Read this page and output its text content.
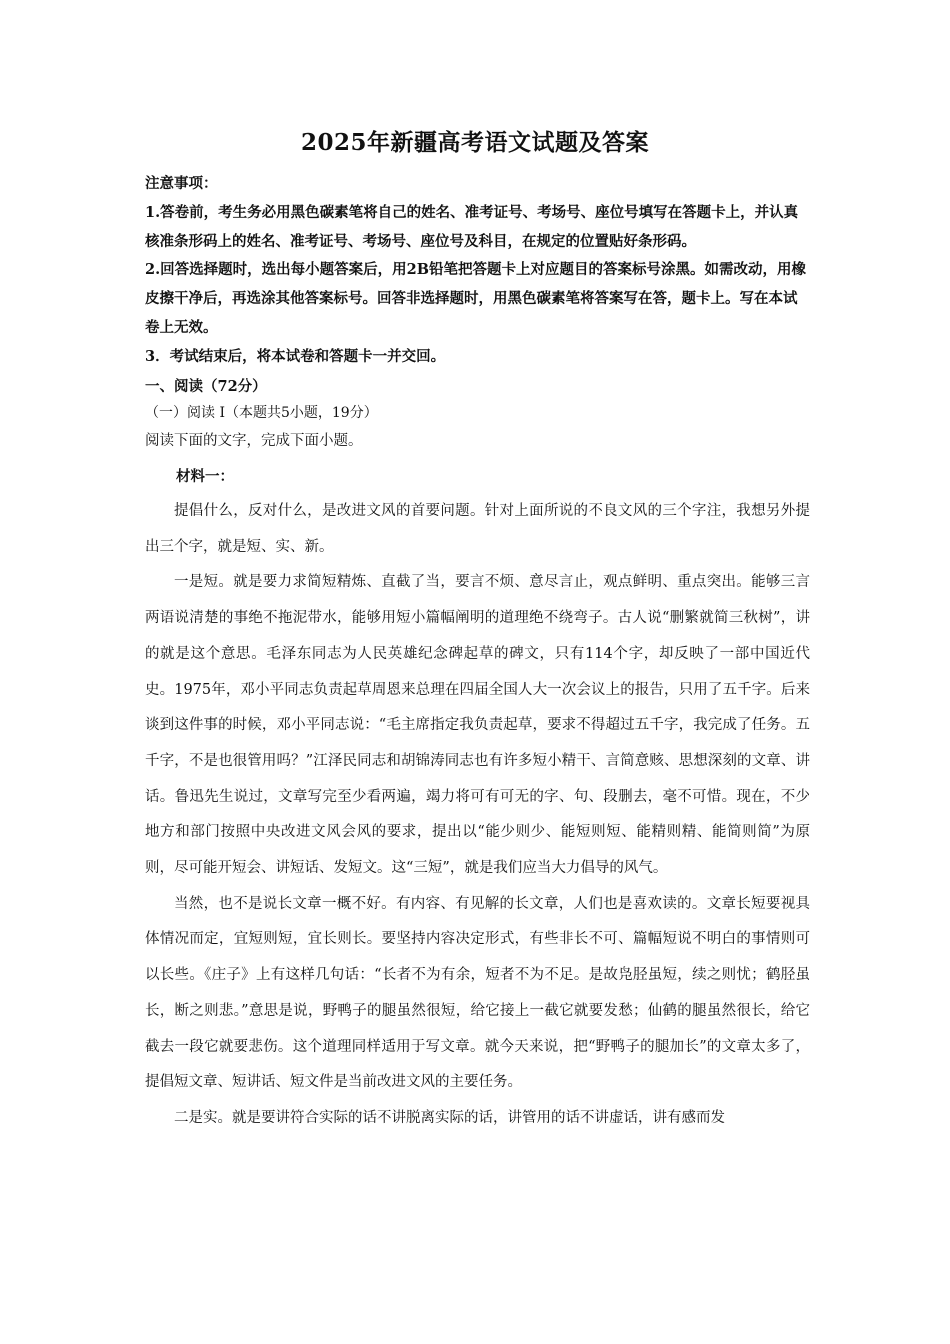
2025年新疆高考语文试题及答案

注意事项：

1.答卷前，考生务必用黑色碳素笔将自己的姓名、准考证号、考场号、座位号填写在答题卡上，并认真核准条形码上的姓名、准考证号、考场号、座位号及科目，在规定的位置贴好条形码。

2.回答选择题时，选出每小题答案后，用2B铅笔把答题卡上对应题目的答案标号涂黑。如需改动，用橡皮擦干净后，再选涂其他答案标号。回答非选择题时，用黑色碳素笔将答案写在答，题卡上。写在本试卷上无效。

3．考试结束后，将本试卷和答题卡一并交回。

一、阅读（72分）
（一）阅读 I（本题共5小题，19分）
阅读下面的文字，完成下面小题。
材料一：

提倡什么，反对什么，是改进文风的首要问题。针对上面所说的不良文风的三个字注，我想另外提出三个字，就是短、实、新。

一是短。就是要力求简短精炼、直截了当，要言不烦、意尽言止，观点鲜明、重点突出。能够三言两语说清楚的事绝不拖泥带水，能够用短小篇幅阐明的道理绝不绕弯子。古人说“删繁就简三秋树”，讲的就是这个意思。毛泽东同志为人民英雄纪念碑起草的碑文，只有114个字，却反映了一部中国近代史。1975年，邓小平同志负责起草周恩来总理在四届全国人大一次会议上的报告，只用了五千字。后来谈到这件事的时候，邓小平同志说：“毛主席指定我负责起草，要求不得超过五千字，我完成了任务。五千字，不是也很管用吗？”江泽民同志和胡锦涛同志也有许多短小精干、言简意赅、思想深刻的文章、讲话。鲁迅先生说过，文章写完至少看两遍，竭力将可有可无的字、句、段删去，毫不可惜。现在，不少地方和部门按照中央改进文风会风的要求，提出以“能少则少、能短则短、能精则精、能简则简”为原则，尽可能开短会、讲短话、发短文。这“三短”，就是我们应当大力倡导的风气。

当然，也不是说长文章一概不好。有内容、有见解的长文章，人们也是喜欢读的。文章长短要视具体情况而定，宜短则短，宜长则长。要坚持内容决定形式，有些非长不可、篇幅短说不明白的事情则可以长些。《庄子》上有这样几句话：“长者不为有余，短者不为不足。是故凫胫虽短，续之则忧；鹤胫虽长，断之则悲。”意思是说，野鸭子的腿虽然很短，给它接上一截它就要发愁；仙鹤的腿虽然很长，给它截去一段它就要悲伤。这个道理同样适用于写文章。就今天来说，把“野鸭子的腿加长”的文章太多了，提倡短文章、短讲话、短文件是当前改进文风的主要任务。

二是实。就是要讲符合实际的话不讲脱离实际的话，讲管用的话不讲虚话，讲有感而发
